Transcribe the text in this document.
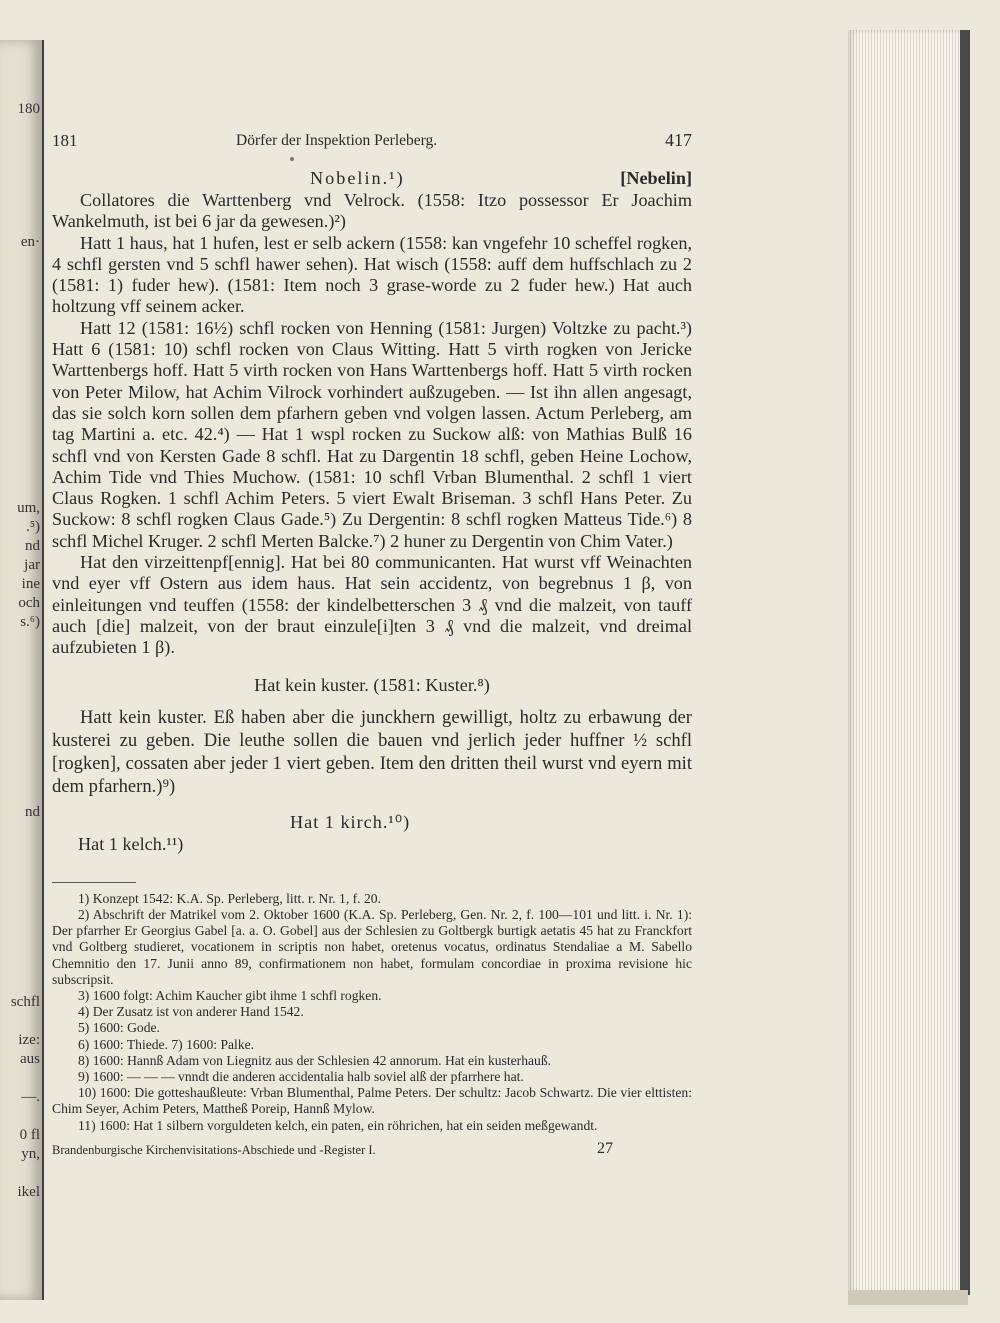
180
en·
um,
.⁵)
nd
jar
ine
och
s.⁶)
nd
schfl
ize:
aus
—.
0 fl
yn,
ikel
181	Dörfer der Inspektion Perleberg.	417
Nobelin.¹)	[Nebelin]

Collatores die Warttenberg vnd Velrock. (1558: Itzo possessor Er Joachim Wankelmuth, ist bei 6 jar da gewesen.)²)

Hatt 1 haus, hat 1 hufen, lest er selb ackern (1558: kan vngefehr 10 scheffel rogken, 4 schfl gersten vnd 5 schfl hawer sehen). Hat wisch (1558: auff dem huffschlach zu 2 (1581: 1) fuder hew). (1581: Item noch 3 grase-worde zu 2 fuder hew.) Hat auch holtzung vff seinem acker.

Hatt 12 (1581: 16½) schfl rocken von Henning (1581: Jurgen) Voltzke zu pacht.³) Hatt 6 (1581: 10) schfl rocken von Claus Witting. Hatt 5 virth rogken von Jericke Warttenbergs hoff. Hatt 5 virth rocken von Hans Warttenbergs hoff. Hatt 5 virth rocken von Peter Milow, hat Achim Vilrock vorhindert außzugeben. — Ist ihn allen angesagt, das sie solch korn sollen dem pfarhern geben vnd volgen lassen. Actum Perleberg, am tag Martini a. etc. 42.⁴) — Hat 1 wspl rocken zu Suckow alß: von Mathias Bulß 16 schfl vnd von Kersten Gade 8 schfl. Hat zu Dargentin 18 schfl, geben Heine Lochow, Achim Tide vnd Thies Muchow. (1581: 10 schfl Vrban Blumenthal. 2 schfl 1 viert Claus Rogken. 1 schfl Achim Peters. 5 viert Ewalt Briseman. 3 schfl Hans Peter. Zu Suckow: 8 schfl rogken Claus Gade.⁵) Zu Dergentin: 8 schfl rogken Matteus Tide.⁶) 8 schfl Michel Kruger. 2 schfl Merten Balcke.⁷) 2 huner zu Dergentin von Chim Vater.)

Hat den virzeittenpf[ennig]. Hat bei 80 communicanten. Hat wurst vff Weinachten vnd eyer vff Ostern aus idem haus. Hat sein accidentz, von begrebnus 1 β, von einleitungen vnd teuffen (1558: der kindelbetterschen 3 ₰ vnd die malzeit, von tauff auch [die] malzeit, von der braut einzule[i]ten 3 ₰ vnd die malzeit, vnd dreimal aufzubieten 1 β).

Hat kein kuster. (1581: Kuster.⁸)

Hatt kein kuster. Eß haben aber die junckhern gewilligt, holtz zu erbawung der kusterei zu geben. Die leuthe sollen die bauen vnd jerlich jeder huffner ½ schfl [rogken], cossaten aber jeder 1 viert geben. Item den dritten theil wurst vnd eyern mit dem pfarhern.)⁹)

Hat 1 kirch.¹⁰)
Hat 1 kelch.¹¹)

1) Konzept 1542: K.A. Sp. Perleberg, litt. r. Nr. 1, f. 20.

2) Abschrift der Matrikel vom 2. Oktober 1600 (K.A. Sp. Perleberg, Gen. Nr. 2, f. 100—101 und litt. i. Nr. 1): Der pfarrher Er Georgius Gabel [a. a. O. Gobel] aus der Schlesien zu Goltbergk burtigk aetatis 45 hat zu Franckfort vnd Goltberg studieret, vocationem in scriptis non habet, oretenus vocatus, ordinatus Stendaliae a M. Sabello Chemnitio den 17. Junii anno 89, confirmationem non habet, formulam concordiae in proxima revisione hic subscripsit.

3) 1600 folgt: Achim Kaucher gibt ihme 1 schfl rogken.

4) Der Zusatz ist von anderer Hand 1542.

5) 1600: Gode.

6) 1600: Thiede. 7) 1600: Palke.

8) 1600: Hannß Adam von Liegnitz aus der Schlesien 42 annorum. Hat ein kusterhauß.

9) 1600: — — — vnndt die anderen accidentalia halb soviel alß der pfarrhere hat.

10) 1600: Die gotteshaußleute: Vrban Blumenthal, Palme Peters. Der schultz: Jacob Schwartz. Die vier elttisten: Chim Seyer, Achim Peters, Mattheß Poreip, Hannß Mylow.

11) 1600: Hat 1 silbern vorguldeten kelch, ein paten, ein röhrichen, hat ein seiden meßgewandt.

Brandenburgische Kirchenvisitations-Abschiede und -Register I.	27
